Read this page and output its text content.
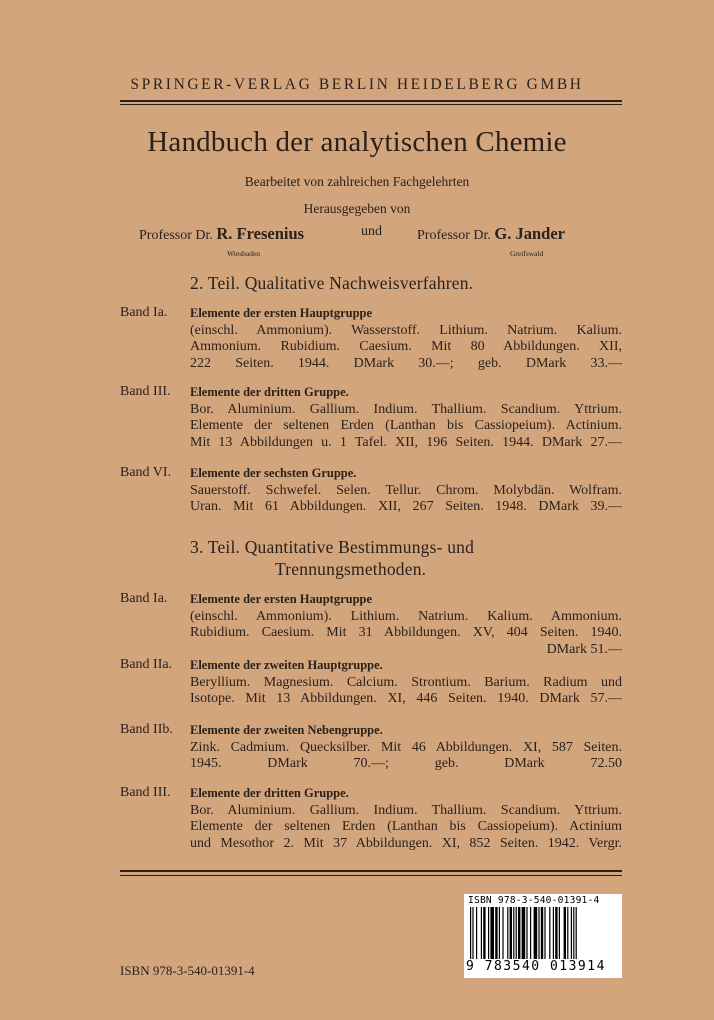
SPRINGER-VERLAG BERLIN HEIDELBERG GMBH
Handbuch der analytischen Chemie
Bearbeitet von zahlreichen Fachgelehrten
Herausgegeben von
Professor Dr. R. Fresenius
Wiesbaden
und	Professor Dr. G. Jander
Greifswald
2. Teil. Qualitative Nachweisverfahren.
Band Ia. Elemente der ersten Hauptgruppe
(einschl. Ammonium). Wasserstoff. Lithium. Natrium. Kalium.
Ammonium. Rubidium. Caesium. Mit 80 Abbildungen. XII,
222 Seiten. 1944. DMark 30.—; geb. DMark 33.—
Band III. Elemente der dritten Gruppe.
Bor. Aluminium. Gallium. Indium. Thallium. Scandium. Yttrium.
Elemente der seltenen Erden (Lanthan bis Cassiopeium). Actinium.
Mit 13 Abbildungen u. 1 Tafel. XII, 196 Seiten. 1944. DMark 27.—
Band VI. Elemente der sechsten Gruppe.
Sauerstoff. Schwefel. Selen. Tellur. Chrom. Molybdän. Wolfram.
Uran. Mit 61 Abbildungen. XII, 267 Seiten. 1948. DMark 39.—
3. Teil. Quantitative Bestimmungs- und
Trennungsmethoden.
Band Ia. Elemente der ersten Hauptgruppe
(einschl. Ammonium). Lithium. Natrium. Kalium. Ammonium.
Rubidium. Caesium. Mit 31 Abbildungen. XV, 404 Seiten. 1940.
DMark 51.—
Band IIa. Elemente der zweiten Hauptgruppe.
Beryllium. Magnesium. Calcium. Strontium. Barium. Radium und
Isotope. Mit 13 Abbildungen. XI, 446 Seiten. 1940. DMark 57.—
Band IIb. Elemente der zweiten Nebengruppe.
Zink. Cadmium. Quecksilber. Mit 46 Abbildungen. XI, 587 Seiten.
1945. DMark 70.—; geb. DMark 72.50
Band III. Elemente der dritten Gruppe.
Bor. Aluminium. Gallium. Indium. Thallium. Scandium. Yttrium.
Elemente der seltenen Erden (Lanthan bis Cassiopeium). Actinium
und Mesothor 2. Mit 37 Abbildungen. XI, 852 Seiten. 1942. Vergr.
ISBN 978-3-540-01391-4
9 783540 013914
ISBN 978-3-540-01391-4
